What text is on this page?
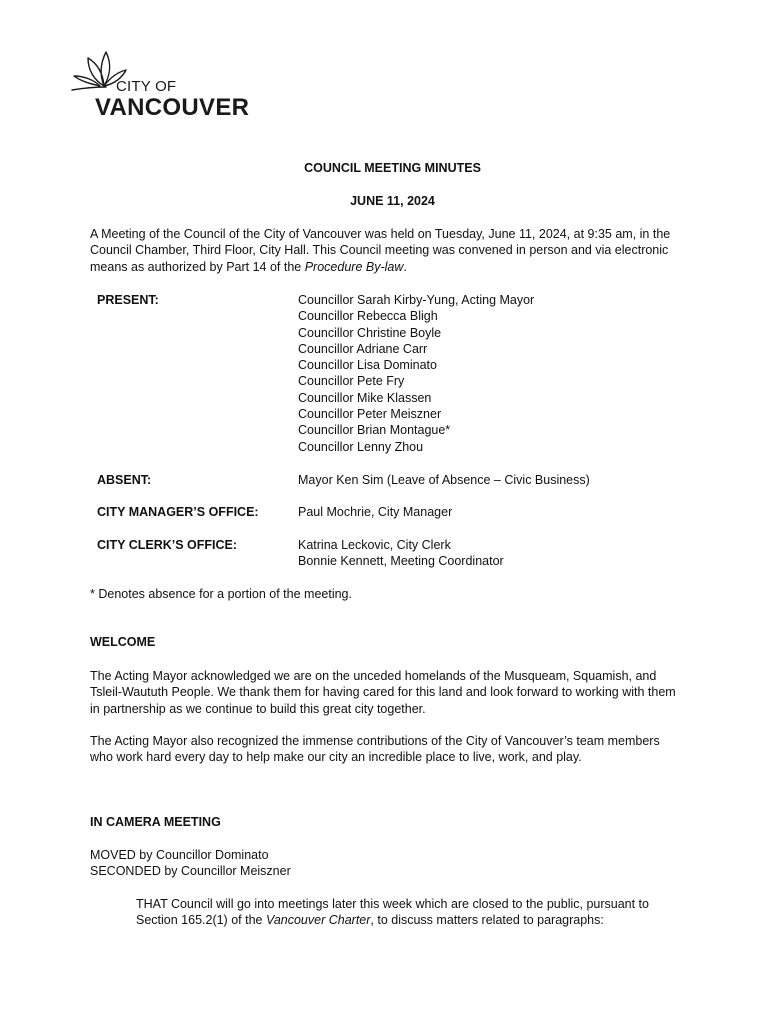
CITY OF
VANCOUVER
COUNCIL MEETING MINUTES
JUNE 11, 2024
A Meeting of the Council of the City of Vancouver was held on Tuesday, June 11, 2024, at 9:35 am, in the Council Chamber, Third Floor, City Hall. This Council meeting was convened in person and via electronic means as authorized by Part 14 of the Procedure By-law.
PRESENT:	Councillor Sarah Kirby-Yung, Acting Mayor
Councillor Rebecca Bligh
Councillor Christine Boyle
Councillor Adriane Carr
Councillor Lisa Dominato
Councillor Pete Fry
Councillor Mike Klassen
Councillor Peter Meiszner
Councillor Brian Montague*
Councillor Lenny Zhou
ABSENT:	Mayor Ken Sim (Leave of Absence – Civic Business)
CITY MANAGER’S OFFICE:	Paul Mochrie, City Manager
CITY CLERK’S OFFICE:	Katrina Leckovic, City Clerk
Bonnie Kennett, Meeting Coordinator
* Denotes absence for a portion of the meeting.
WELCOME
The Acting Mayor acknowledged we are on the unceded homelands of the Musqueam, Squamish, and Tsleil-Waututh People. We thank them for having cared for this land and look forward to working with them in partnership as we continue to build this great city together.
The Acting Mayor also recognized the immense contributions of the City of Vancouver’s team members who work hard every day to help make our city an incredible place to live, work, and play.
IN CAMERA MEETING
MOVED by Councillor Dominato
SECONDED by Councillor Meiszner
THAT Council will go into meetings later this week which are closed to the public, pursuant to Section 165.2(1) of the Vancouver Charter, to discuss matters related to paragraphs:
